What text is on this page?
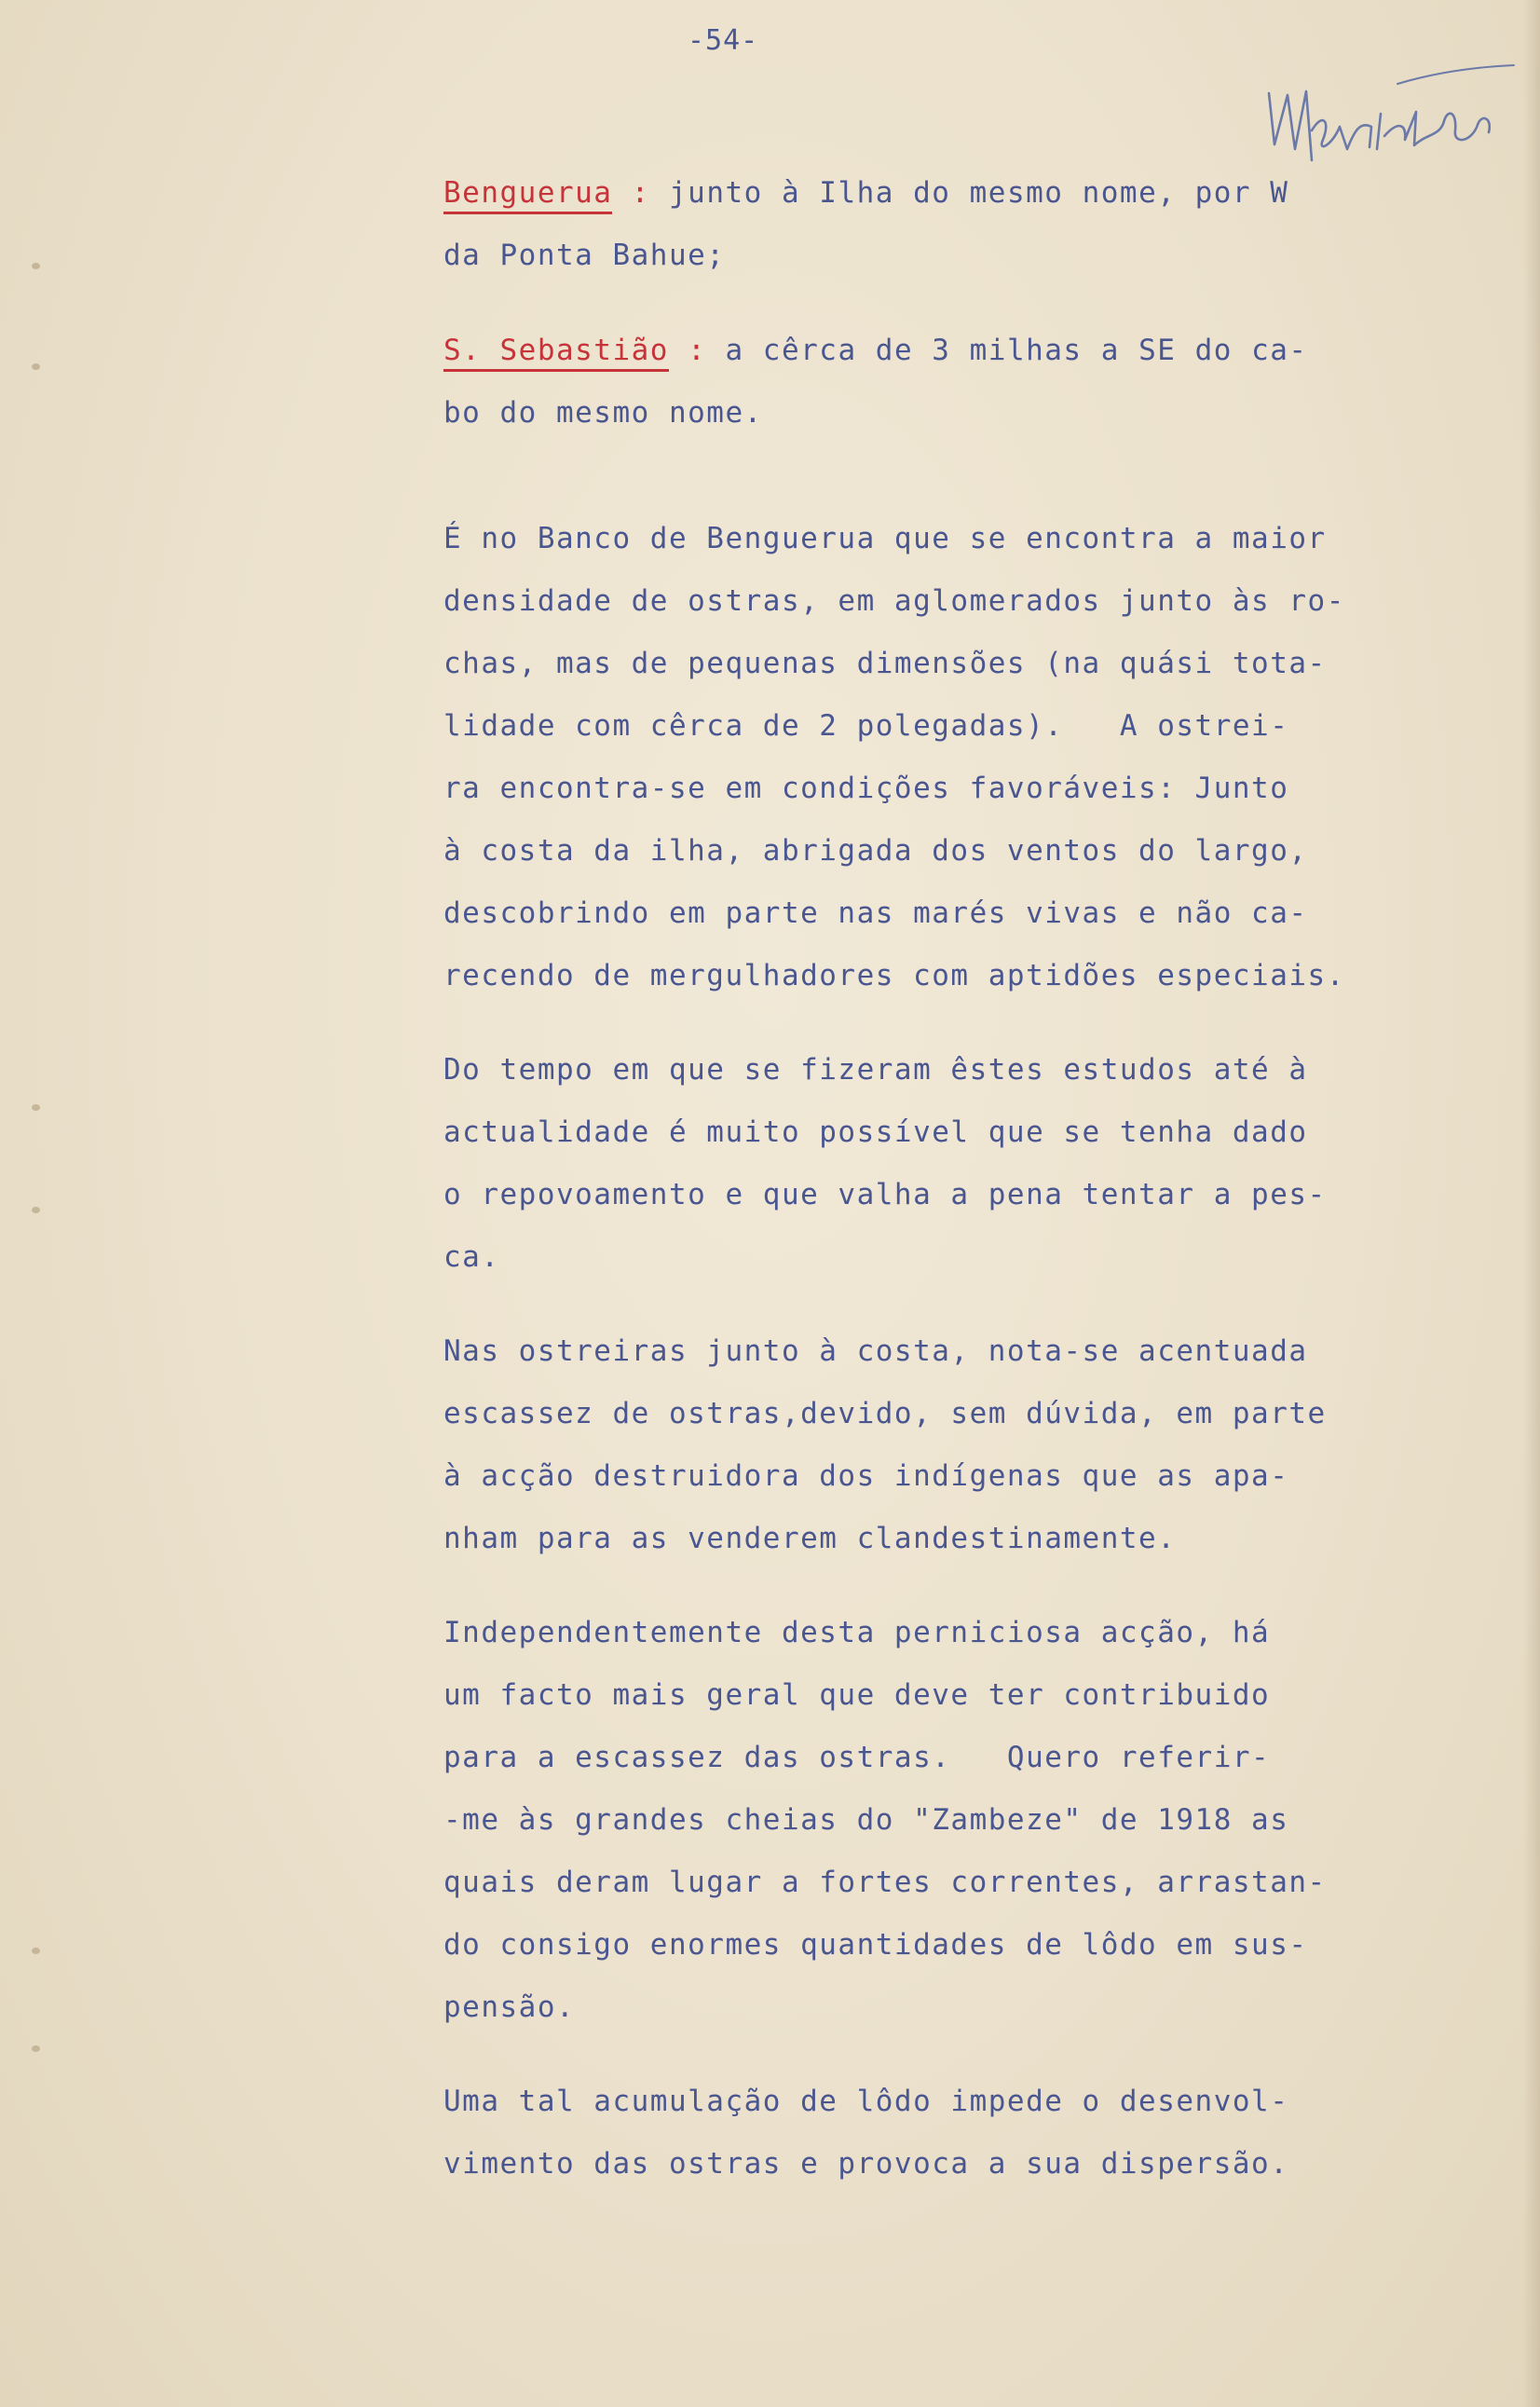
-54-
Benguerua : junto à Ilha do mesmo nome, por W
da Ponta Bahue;
S. Sebastião : a cêrca de 3 milhas a SE do ca-
bo do mesmo nome.
É no Banco de Benguerua que se encontra a maior
densidade de ostras, em aglomerados junto às ro-
chas, mas de pequenas dimensões (na quási tota-
lidade com cêrca de 2 polegadas).   A ostrei-
ra encontra-se em condições favoráveis: Junto
à costa da ilha, abrigada dos ventos do largo,
descobrindo em parte nas marés vivas e não ca-
recendo de mergulhadores com aptidões especiais.
Do tempo em que se fizeram êstes estudos até à
actualidade é muito possível que se tenha dado
o repovoamento e que valha a pena tentar a pes-
ca.
Nas ostreiras junto à costa, nota-se acentuada
escassez de ostras,devido, sem dúvida, em parte
à acção destruidora dos indígenas que as apa-
nham para as venderem clandestinamente.
Independentemente desta perniciosa acção, há
um facto mais geral que deve ter contribuido
para a escassez das ostras.   Quero referir-
-me às grandes cheias do "Zambeze" de 1918 as
quais deram lugar a fortes correntes, arrastan-
do consigo enormes quantidades de lôdo em sus-
pensão.
Uma tal acumulação de lôdo impede o desenvol-
vimento das ostras e provoca a sua dispersão.
